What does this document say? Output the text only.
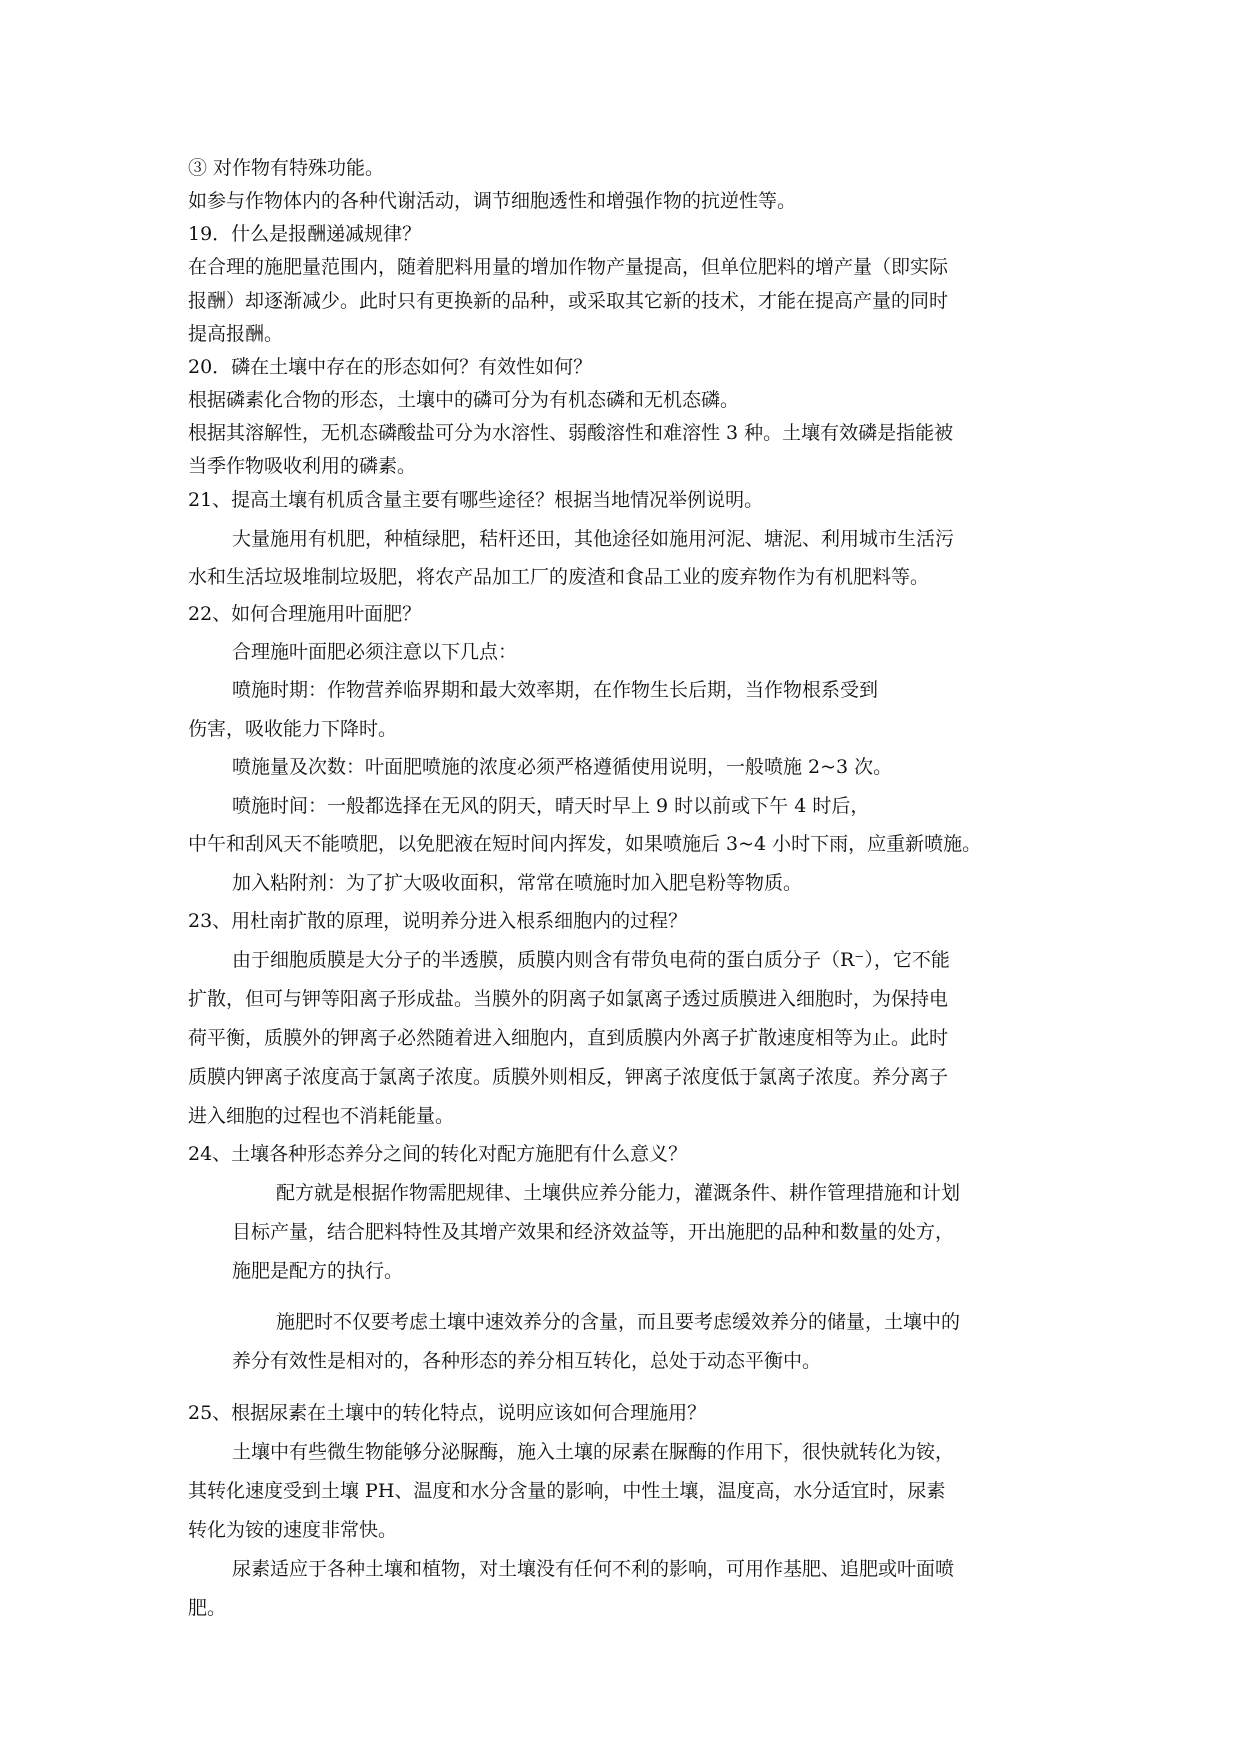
③ 对作物有特殊功能。

如参与作物体内的各种代谢活动，调节细胞透性和增强作物的抗逆性等。

19．什么是报酬递减规律？

在合理的施肥量范围内，随着肥料用量的增加作物产量提高，但单位肥料的增产量（即实际

报酬）却逐渐减少。此时只有更换新的品种，或采取其它新的技术，才能在提高产量的同时

提高报酬。

20．磷在土壤中存在的形态如何？有效性如何？

根据磷素化合物的形态，土壤中的磷可分为有机态磷和无机态磷。

根据其溶解性，无机态磷酸盐可分为水溶性、弱酸溶性和难溶性 3 种。土壤有效磷是指能被

当季作物吸收利用的磷素。

21、提高土壤有机质含量主要有哪些途径？根据当地情况举例说明。

大量施用有机肥，种植绿肥，秸杆还田，其他途径如施用河泥、塘泥、利用城市生活污

水和生活垃圾堆制垃圾肥，将农产品加工厂的废渣和食品工业的废弃物作为有机肥料等。

22、如何合理施用叶面肥？

合理施叶面肥必须注意以下几点：

喷施时期：作物营养临界期和最大效率期，在作物生长后期，当作物根系受到

伤害，吸收能力下降时。

喷施量及次数：叶面肥喷施的浓度必须严格遵循使用说明，一般喷施 2~3 次。

喷施时间：一般都选择在无风的阴天，晴天时早上 9 时以前或下午 4 时后，

中午和刮风天不能喷肥，以免肥液在短时间内挥发，如果喷施后 3~4 小时下雨，应重新喷施。

加入粘附剂：为了扩大吸收面积，常常在喷施时加入肥皂粉等物质。

23、用杜南扩散的原理，说明养分进入根系细胞内的过程？

由于细胞质膜是大分子的半透膜，质膜内则含有带负电荷的蛋白质分子（R⁻），它不能

扩散，但可与钾等阳离子形成盐。当膜外的阴离子如氯离子透过质膜进入细胞时，为保持电

荷平衡，质膜外的钾离子必然随着进入细胞内，直到质膜内外离子扩散速度相等为止。此时

质膜内钾离子浓度高于氯离子浓度。质膜外则相反，钾离子浓度低于氯离子浓度。养分离子

进入细胞的过程也不消耗能量。

24、土壤各种形态养分之间的转化对配方施肥有什么意义？

配方就是根据作物需肥规律、土壤供应养分能力，灌溉条件、耕作管理措施和计划

目标产量，结合肥料特性及其增产效果和经济效益等，开出施肥的品种和数量的处方，

施肥是配方的执行。

施肥时不仅要考虑土壤中速效养分的含量，而且要考虑缓效养分的储量，土壤中的

养分有效性是相对的，各种形态的养分相互转化，总处于动态平衡中。

25、根据尿素在土壤中的转化特点，说明应该如何合理施用？

土壤中有些微生物能够分泌脲酶，施入土壤的尿素在脲酶的作用下，很快就转化为铵，

其转化速度受到土壤 PH、温度和水分含量的影响，中性土壤，温度高，水分适宜时，尿素

转化为铵的速度非常快。

尿素适应于各种土壤和植物，对土壤没有任何不利的影响，可用作基肥、追肥或叶面喷

肥。
